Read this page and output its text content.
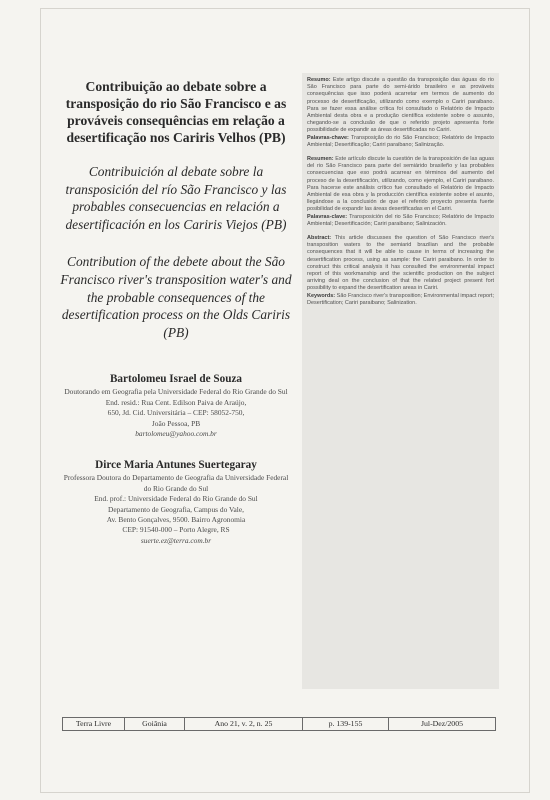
Contribuição ao debate sobre a transposição do rio São Francisco e as prováveis consequências em relação a desertificação nos Cariris Velhos (PB)
Contribuición al debate sobre la transposición del río São Francisco y las probables consecuencias en relación a desertificación en los Cariris Viejos (PB)
Contribution of the debete about the São Francisco river's transposition water's and the probable consequences of the desertification process on the Olds Cariris (PB)
Bartolomeu Israel de Souza
Doutorando em Geografia pela Universidade Federal do Rio Grande do Sul
End. resid.: Rua Cent. Edilson Paiva de Araújo,
650, Jd. Cid. Universitária – CEP: 58052-750,
João Pessoa, PB
bartolomeu@yahoo.com.br
Dirce Maria Antunes Suertegaray
Professora Doutora do Departamento de Geografia da Universidade Federal do Rio Grande do Sul
End. prof.: Universidade Federal do Rio Grande do Sul
Departamento de Geografia, Campus do Vale,
Av. Bento Gonçalves, 9500. Bairro Agronomia
CEP: 91540-000 – Porto Alegre, RS
suerte.ez@terra.com.br

Resumo: Este artigo discute a questão da transposição das águas do rio São Francisco para parte do semi-árido brasileiro e as prováveis consequências que isso poderá acarretar em termos de aumento do processo de desertificação, utilizando como exemplo o Cariri paraibano. Para se fazer essa análise crítica foi consultado o Relatório de Impacto Ambiental desta obra e a produção científica existente sobre o assunto, chegando-se a conclusão de que o referido projeto apresenta forte possibilidade de expandir as áreas desertificadas no Cariri.

Palavras-chave: Transposição do rio São Francisco; Relatório de Impacto Ambiental; Desertificação; Cariri paraibano; Salinização.

Resumen: Este artículo discute la cuestión de la transposición de las aguas del rio São Francisco para parte del semiárido brasileño y las probables consecuencias que eso podrá acarrear en términos del aumento del proceso de la desertificación, utilizando, como ejemplo, el Cariri paraibano. Para hacerse este análisis crítico fue consultado el Relatório de Impacto Ambiental de esa obra y la producción científica existente sobre el asunto, llegándose a la conclusión de que el referido proyecto presenta fuerte posibilidad de expandir las áreas desertificadas en el Cariri.

Palavras-clave: Transposición del rio São Francisco; Relatório de Impacto Ambiental; Desertificación; Cariri paraibano; Salinización.

Abstract: This article discusses the question of São Francisco river's transposition waters to the semiarid brazilian and the probable consequences that it will be able to cause in terms of increasing the desertification process, using as sample: the Cariri paraibano. In order to construct this critical analysis it has consulted the environmental impact report of this workmanship and the scientific production on the subject arriving deal on the conclusion of that the related project present fort possibility to expand the desertification areas in Cariri.

Keywords: São Francisco river's transposition; Environmental impact report; Desertification; Cariri paraibano; Salinization.

Terra Livre	Goiânia	Ano 21, v. 2, n. 25	p. 139-155	Jul-Dez/2005
